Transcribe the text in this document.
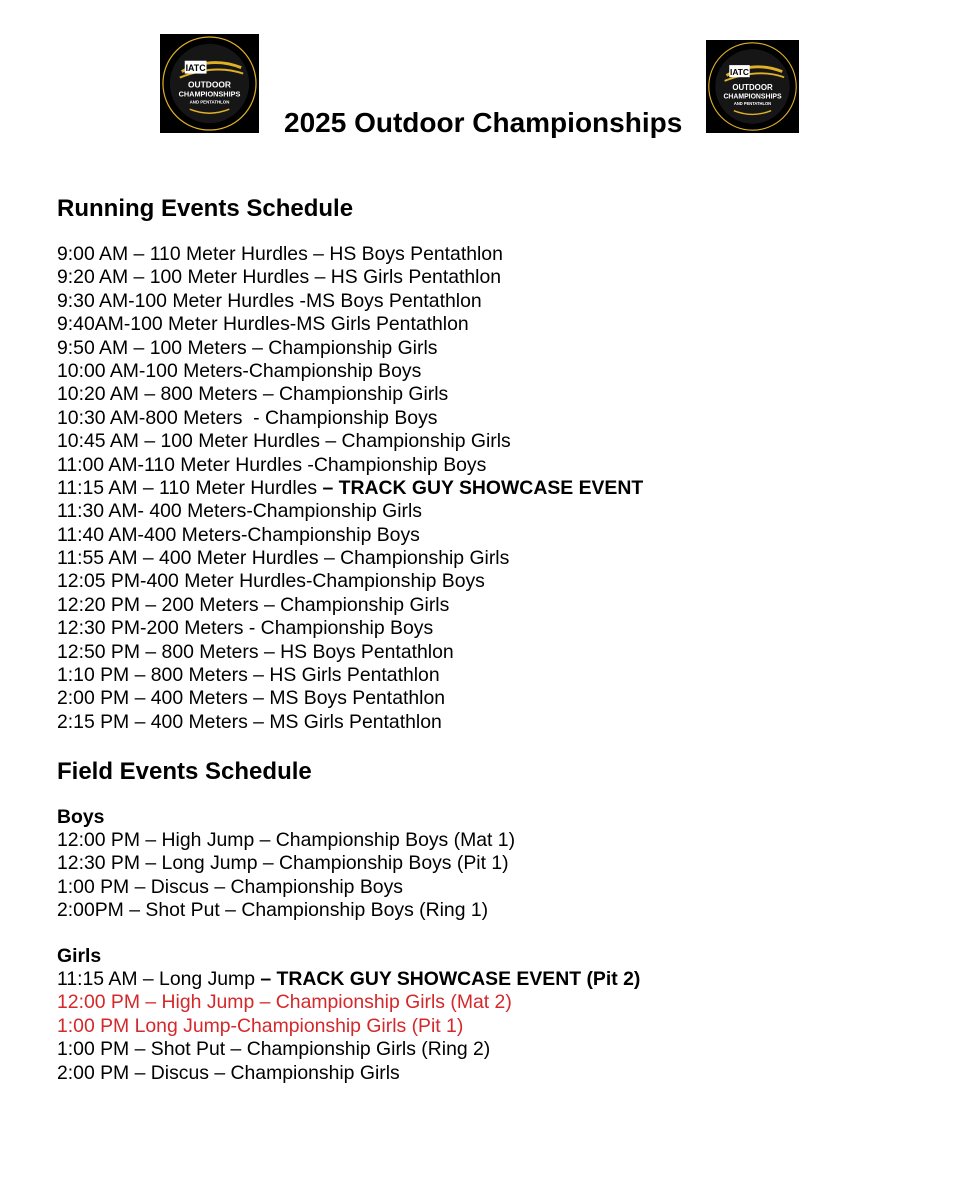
IATC
OUTDOOR
CHAMPIONSHIPS
AND PENTATHLON
IATC
OUTDOOR
CHAMPIONSHIPS
AND PENTATHLON
2025 Outdoor Championships
Running Events Schedule
9:00 AM – 110 Meter Hurdles – HS Boys Pentathlon
9:20 AM – 100 Meter Hurdles – HS Girls Pentathlon
9:30 AM-100 Meter Hurdles -MS Boys Pentathlon
9:40AM-100 Meter Hurdles-MS Girls Pentathlon
9:50 AM – 100 Meters – Championship Girls
10:00 AM-100 Meters-Championship Boys
10:20 AM – 800 Meters – Championship Girls
10:30 AM-800 Meters  - Championship Boys
10:45 AM – 100 Meter Hurdles – Championship Girls
11:00 AM-110 Meter Hurdles -Championship Boys
11:15 AM – 110 Meter Hurdles – TRACK GUY SHOWCASE EVENT
11:30 AM- 400 Meters-Championship Girls
11:40 AM-400 Meters-Championship Boys
11:55 AM – 400 Meter Hurdles – Championship Girls
12:05 PM-400 Meter Hurdles-Championship Boys
12:20 PM – 200 Meters – Championship Girls
12:30 PM-200 Meters - Championship Boys
12:50 PM – 800 Meters – HS Boys Pentathlon
1:10 PM – 800 Meters – HS Girls Pentathlon
2:00 PM – 400 Meters – MS Boys Pentathlon
2:15 PM – 400 Meters – MS Girls Pentathlon
Field Events Schedule
Boys
12:00 PM – High Jump – Championship Boys (Mat 1)
12:30 PM – Long Jump – Championship Boys (Pit 1)
1:00 PM – Discus – Championship Boys
2:00PM – Shot Put – Championship Boys (Ring 1)
Girls
11:15 AM – Long Jump – TRACK GUY SHOWCASE EVENT (Pit 2)
12:00 PM – High Jump – Championship Girls (Mat 2)
1:00 PM Long Jump-Championship Girls (Pit 1)
1:00 PM – Shot Put – Championship Girls (Ring 2)
2:00 PM – Discus – Championship Girls
